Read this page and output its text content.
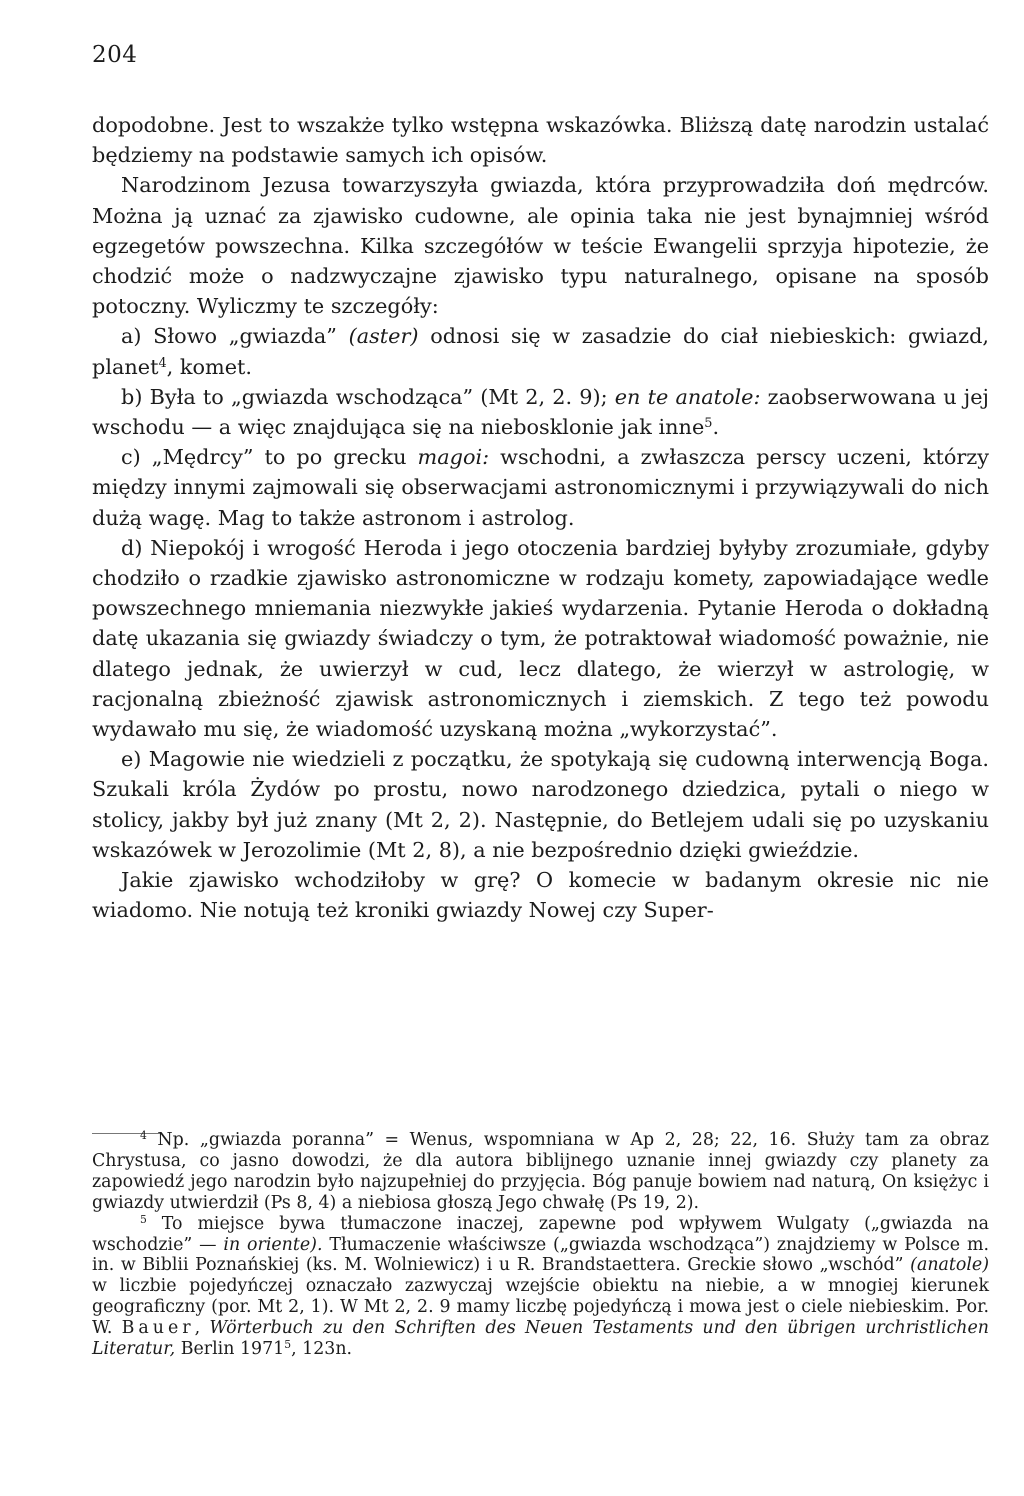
204

dopodobne. Jest to wszakże tylko wstępna wskazówka. Bliższą datę narodzin ustalać będziemy na podstawie samych ich opisów.

Narodzinom Jezusa towarzyszyła gwiazda, która przyprowadziła doń mędrców. Można ją uznać za zjawisko cudowne, ale opinia taka nie jest bynajmniej wśród egzegetów powszechna. Kilka szczegółów w teście Ewangelii sprzyja hipotezie, że chodzić może o nadzwyczajne zjawisko typu naturalnego, opisane na sposób potoczny. Wyliczmy te szczegóły:

a) Słowo „gwiazda” (aster) odnosi się w zasadzie do ciał niebieskich: gwiazd, planet$^4$, komet.

b) Była to „gwiazda wschodząca” (Mt 2, 2. 9); en te anatole: zaobserwowana u jej wschodu — a więc znajdująca się na niebosklonie jak inne$^5$.

c) „Mędrcy” to po grecku magoi: wschodni, a zwłaszcza perscy uczeni, którzy między innymi zajmowali się obserwacjami astronomicznymi i przywiązywali do nich dużą wagę. Mag to także astronom i astrolog.

d) Niepokój i wrogość Heroda i jego otoczenia bardziej byłyby zrozumiałe, gdyby chodziło o rzadkie zjawisko astronomiczne w rodzaju komety, zapowiadające wedle powszechnego mniemania niezwykłe jakieś wydarzenia. Pytanie Heroda o dokładną datę ukazania się gwiazdy świadczy o tym, że potraktował wiadomość poważnie, nie dlatego jednak, że uwierzył w cud, lecz dlatego, że wierzył w astrologię, w racjonalną zbieżność zjawisk astronomicznych i ziemskich. Z tego też powodu wydawało mu się, że wiadomość uzyskaną można „wykorzystać”.

e) Magowie nie wiedzieli z początku, że spotykają się cudowną interwencją Boga. Szukali króla Żydów po prostu, nowo narodzonego dziedzica, pytali o niego w stolicy, jakby był już znany (Mt 2, 2). Następnie, do Betlejem udali się po uzyskaniu wskazówek w Jerozolimie (Mt 2, 8), a nie bezpośrednio dzięki gwieździe.

Jakie zjawisko wchodziłoby w grę? O komecie w badanym okresie nic nie wiadomo. Nie notują też kroniki gwiazdy Nowej czy Super-

$^4$ Np. „gwiazda poranna” = Wenus, wspomniana w Ap 2, 28; 22, 16. Służy tam za obraz Chrystusa, co jasno dowodzi, że dla autora biblijnego uznanie innej gwiazdy czy planety za zapowiedź jego narodzin było najzupełniej do przyjęcia. Bóg panuje bowiem nad naturą, On księżyc i gwiazdy utwierdził (Ps 8, 4) a niebiosa głoszą Jego chwałę (Ps 19, 2).

$^5$ To miejsce bywa tłumaczone inaczej, zapewne pod wpływem Wulgaty („gwiazda na wschodzie” — in oriente). Tłumaczenie właściwsze („gwiazda wschodząca”) znajdziemy w Polsce m. in. w Biblii Poznańskiej (ks. M. Wolniewicz) i u R. Brandstaettera. Greckie słowo „wschód” (anatole) w liczbie pojedyńczej oznaczało zazwyczaj wzejście obiektu na niebie, a w mnogiej kierunek geograficzny (por. Mt 2, 1). W Mt 2, 2. 9 mamy liczbę pojedyńczą i mowa jest o ciele niebieskim. Por. W. Bauer, Wörterbuch zu den Schriften des Neuen Testaments und den übrigen urchristlichen Literatur, Berlin 1971$^5$, 123n.
